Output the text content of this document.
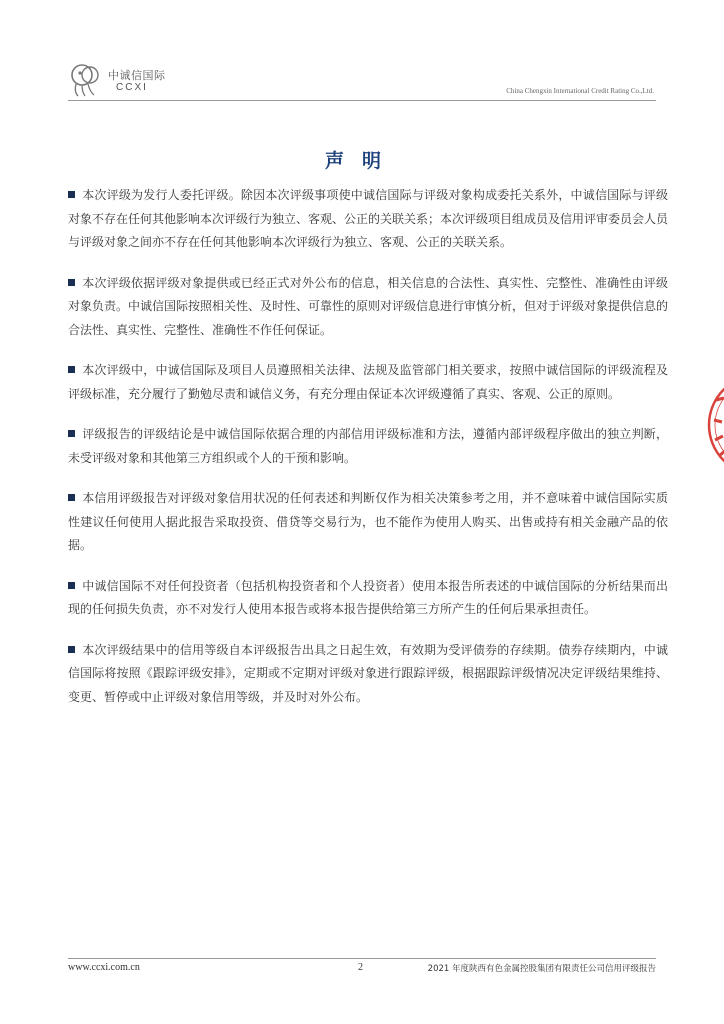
中诚信国际
CCXI	China Chengxin International Credit Rating Co.,Ltd.
声明

本次评级为发行人委托评级。除因本次评级事项使中诚信国际与评级对象构成委托关系外，中诚信国际与评级对象不存在任何其他影响本次评级行为独立、客观、公正的关联关系；本次评级项目组成员及信用评审委员会人员与评级对象之间亦不存在任何其他影响本次评级行为独立、客观、公正的关联关系。

本次评级依据评级对象提供或已经正式对外公布的信息，相关信息的合法性、真实性、完整性、准确性由评级对象负责。中诚信国际按照相关性、及时性、可靠性的原则对评级信息进行审慎分析，但对于评级对象提供信息的合法性、真实性、完整性、准确性不作任何保证。

本次评级中，中诚信国际及项目人员遵照相关法律、法规及监管部门相关要求，按照中诚信国际的评级流程及评级标准，充分履行了勤勉尽责和诚信义务，有充分理由保证本次评级遵循了真实、客观、公正的原则。

评级报告的评级结论是中诚信国际依据合理的内部信用评级标准和方法，遵循内部评级程序做出的独立判断，未受评级对象和其他第三方组织或个人的干预和影响。

本信用评级报告对评级对象信用状况的任何表述和判断仅作为相关决策参考之用，并不意味着中诚信国际实质性建议任何使用人据此报告采取投资、借贷等交易行为，也不能作为使用人购买、出售或持有相关金融产品的依据。

中诚信国际不对任何投资者（包括机构投资者和个人投资者）使用本报告所表述的中诚信国际的分析结果而出现的任何损失负责，亦不对发行人使用本报告或将本报告提供给第三方所产生的任何后果承担责任。

本次评级结果中的信用等级自本评级报告出具之日起生效，有效期为受评债券的存续期。债券存续期内，中诚信国际将按照《跟踪评级安排》，定期或不定期对评级对象进行跟踪评级，根据跟踪评级情况决定评级结果维持、变更、暂停或中止评级对象信用等级，并及时对外公布。

www.ccxi.com.cn	2	2021 年度陕西有色金属控股集团有限责任公司信用评级报告
